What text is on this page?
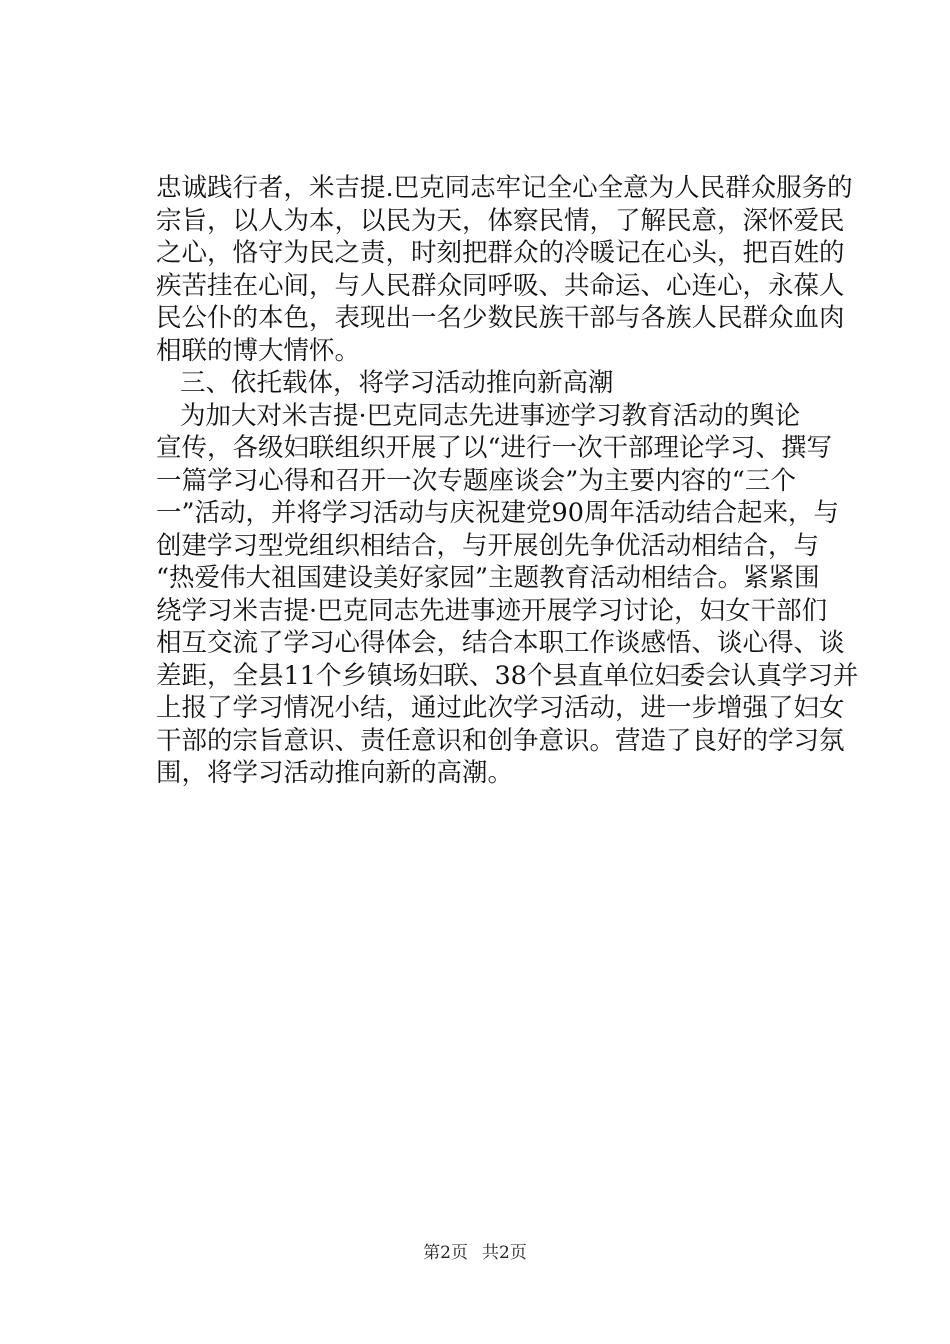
忠诚践行者，米吉提.巴克同志牢记全心全意为人民群众服务的
宗旨，以人为本，以民为天，体察民情，了解民意，深怀爱民
之心，恪守为民之责，时刻把群众的冷暖记在心头，把百姓的
疾苦挂在心间，与人民群众同呼吸、共命运、心连心，永葆人
民公仆的本色，表现出一名少数民族干部与各族人民群众血肉
相联的博大情怀。
三、依托载体，将学习活动推向新高潮
为加大对米吉提·巴克同志先进事迹学习教育活动的舆论
宣传，各级妇联组织开展了以“进行一次干部理论学习、撰写
一篇学习心得和召开一次专题座谈会”为主要内容的“三个
一”活动，并将学习活动与庆祝建党90周年活动结合起来，与
创建学习型党组织相结合，与开展创先争优活动相结合，与
“热爱伟大祖国建设美好家园”主题教育活动相结合。紧紧围
绕学习米吉提·巴克同志先进事迹开展学习讨论，妇女干部们
相互交流了学习心得体会，结合本职工作谈感悟、谈心得、谈
差距，全县11个乡镇场妇联、38个县直单位妇委会认真学习并
上报了学习情况小结，通过此次学习活动，进一步增强了妇女
干部的宗旨意识、责任意识和创争意识。营造了良好的学习氛
围，将学习活动推向新的高潮。
第2页 共2页
